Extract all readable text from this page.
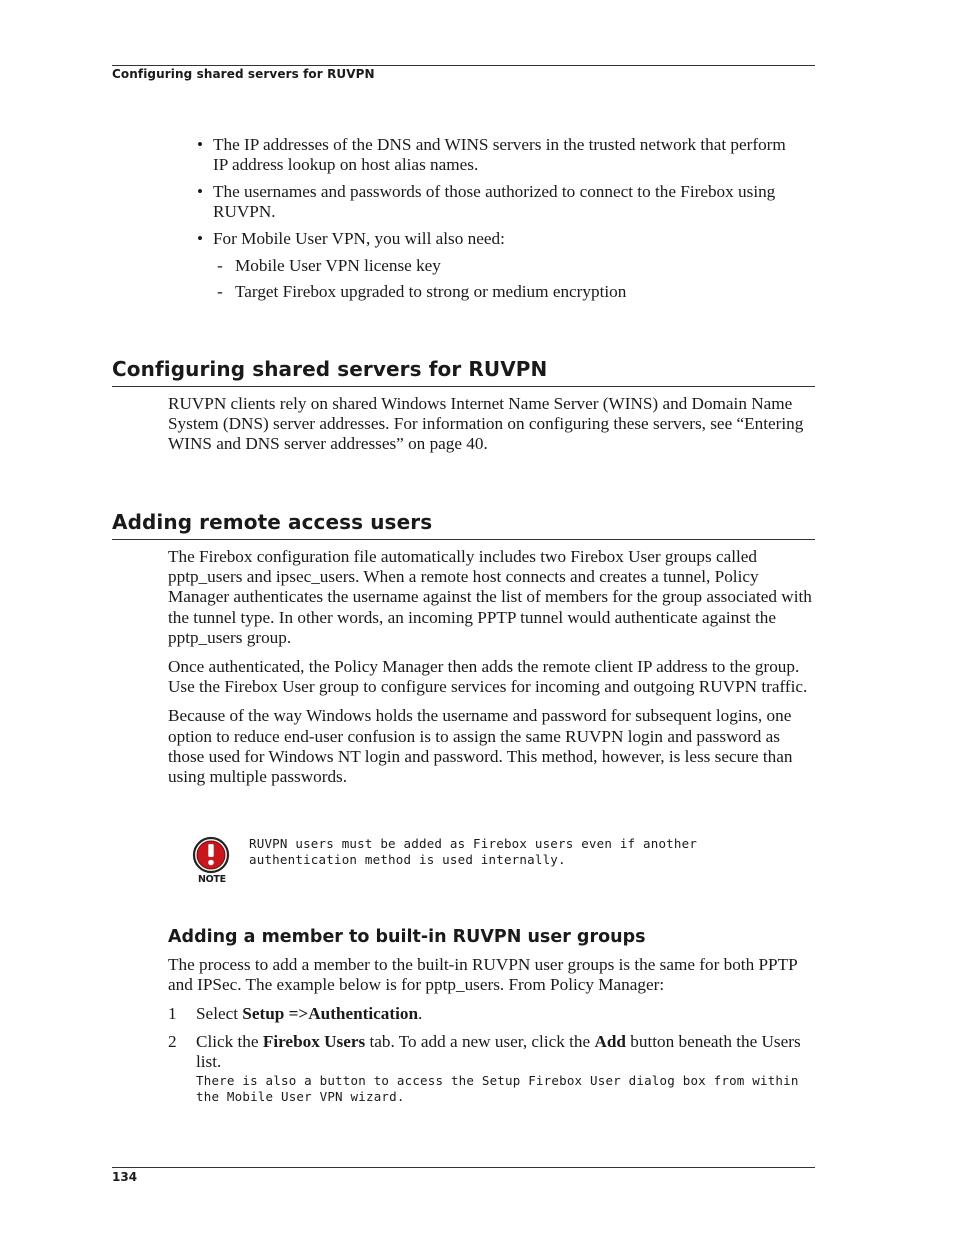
Configuring shared servers for RUVPN
• The IP addresses of the DNS and WINS servers in the trusted network that perform IP address lookup on host alias names.
• The usernames and passwords of those authorized to connect to the Firebox using RUVPN.
• For Mobile User VPN, you will also need:
- Mobile User VPN license key
- Target Firebox upgraded to strong or medium encryption
Configuring shared servers for RUVPN

RUVPN clients rely on shared Windows Internet Name Server (WINS) and Domain Name System (DNS) server addresses. For information on configuring these servers, see “Entering WINS and DNS server addresses” on page 40.

Adding remote access users

The Firebox configuration file automatically includes two Firebox User groups called pptp_users and ipsec_users. When a remote host connects and creates a tunnel, Policy Manager authenticates the username against the list of members for the group associated with the tunnel type. In other words, an incoming PPTP tunnel would authenticate against the pptp_users group.

Once authenticated, the Policy Manager then adds the remote client IP address to the group. Use the Firebox User group to configure services for incoming and outgoing RUVPN traffic.

Because of the way Windows holds the username and password for subsequent logins, one option to reduce end-user confusion is to assign the same RUVPN login and password as those used for Windows NT login and password. This method, however, is less secure than using multiple passwords.

NOTE
RUVPN users must be added as Firebox users even if another authentication method is used internally.
Adding a member to built-in RUVPN user groups

The process to add a member to the built-in RUVPN user groups is the same for both PPTP and IPSec. The example below is for pptp_users. From Policy Manager:

1 Select Setup =>Authentication.
2 Click the Firebox Users tab. To add a new user, click the Add button beneath the Users list.
There is also a button to access the Setup Firebox User dialog box from within the Mobile User VPN wizard.
134
